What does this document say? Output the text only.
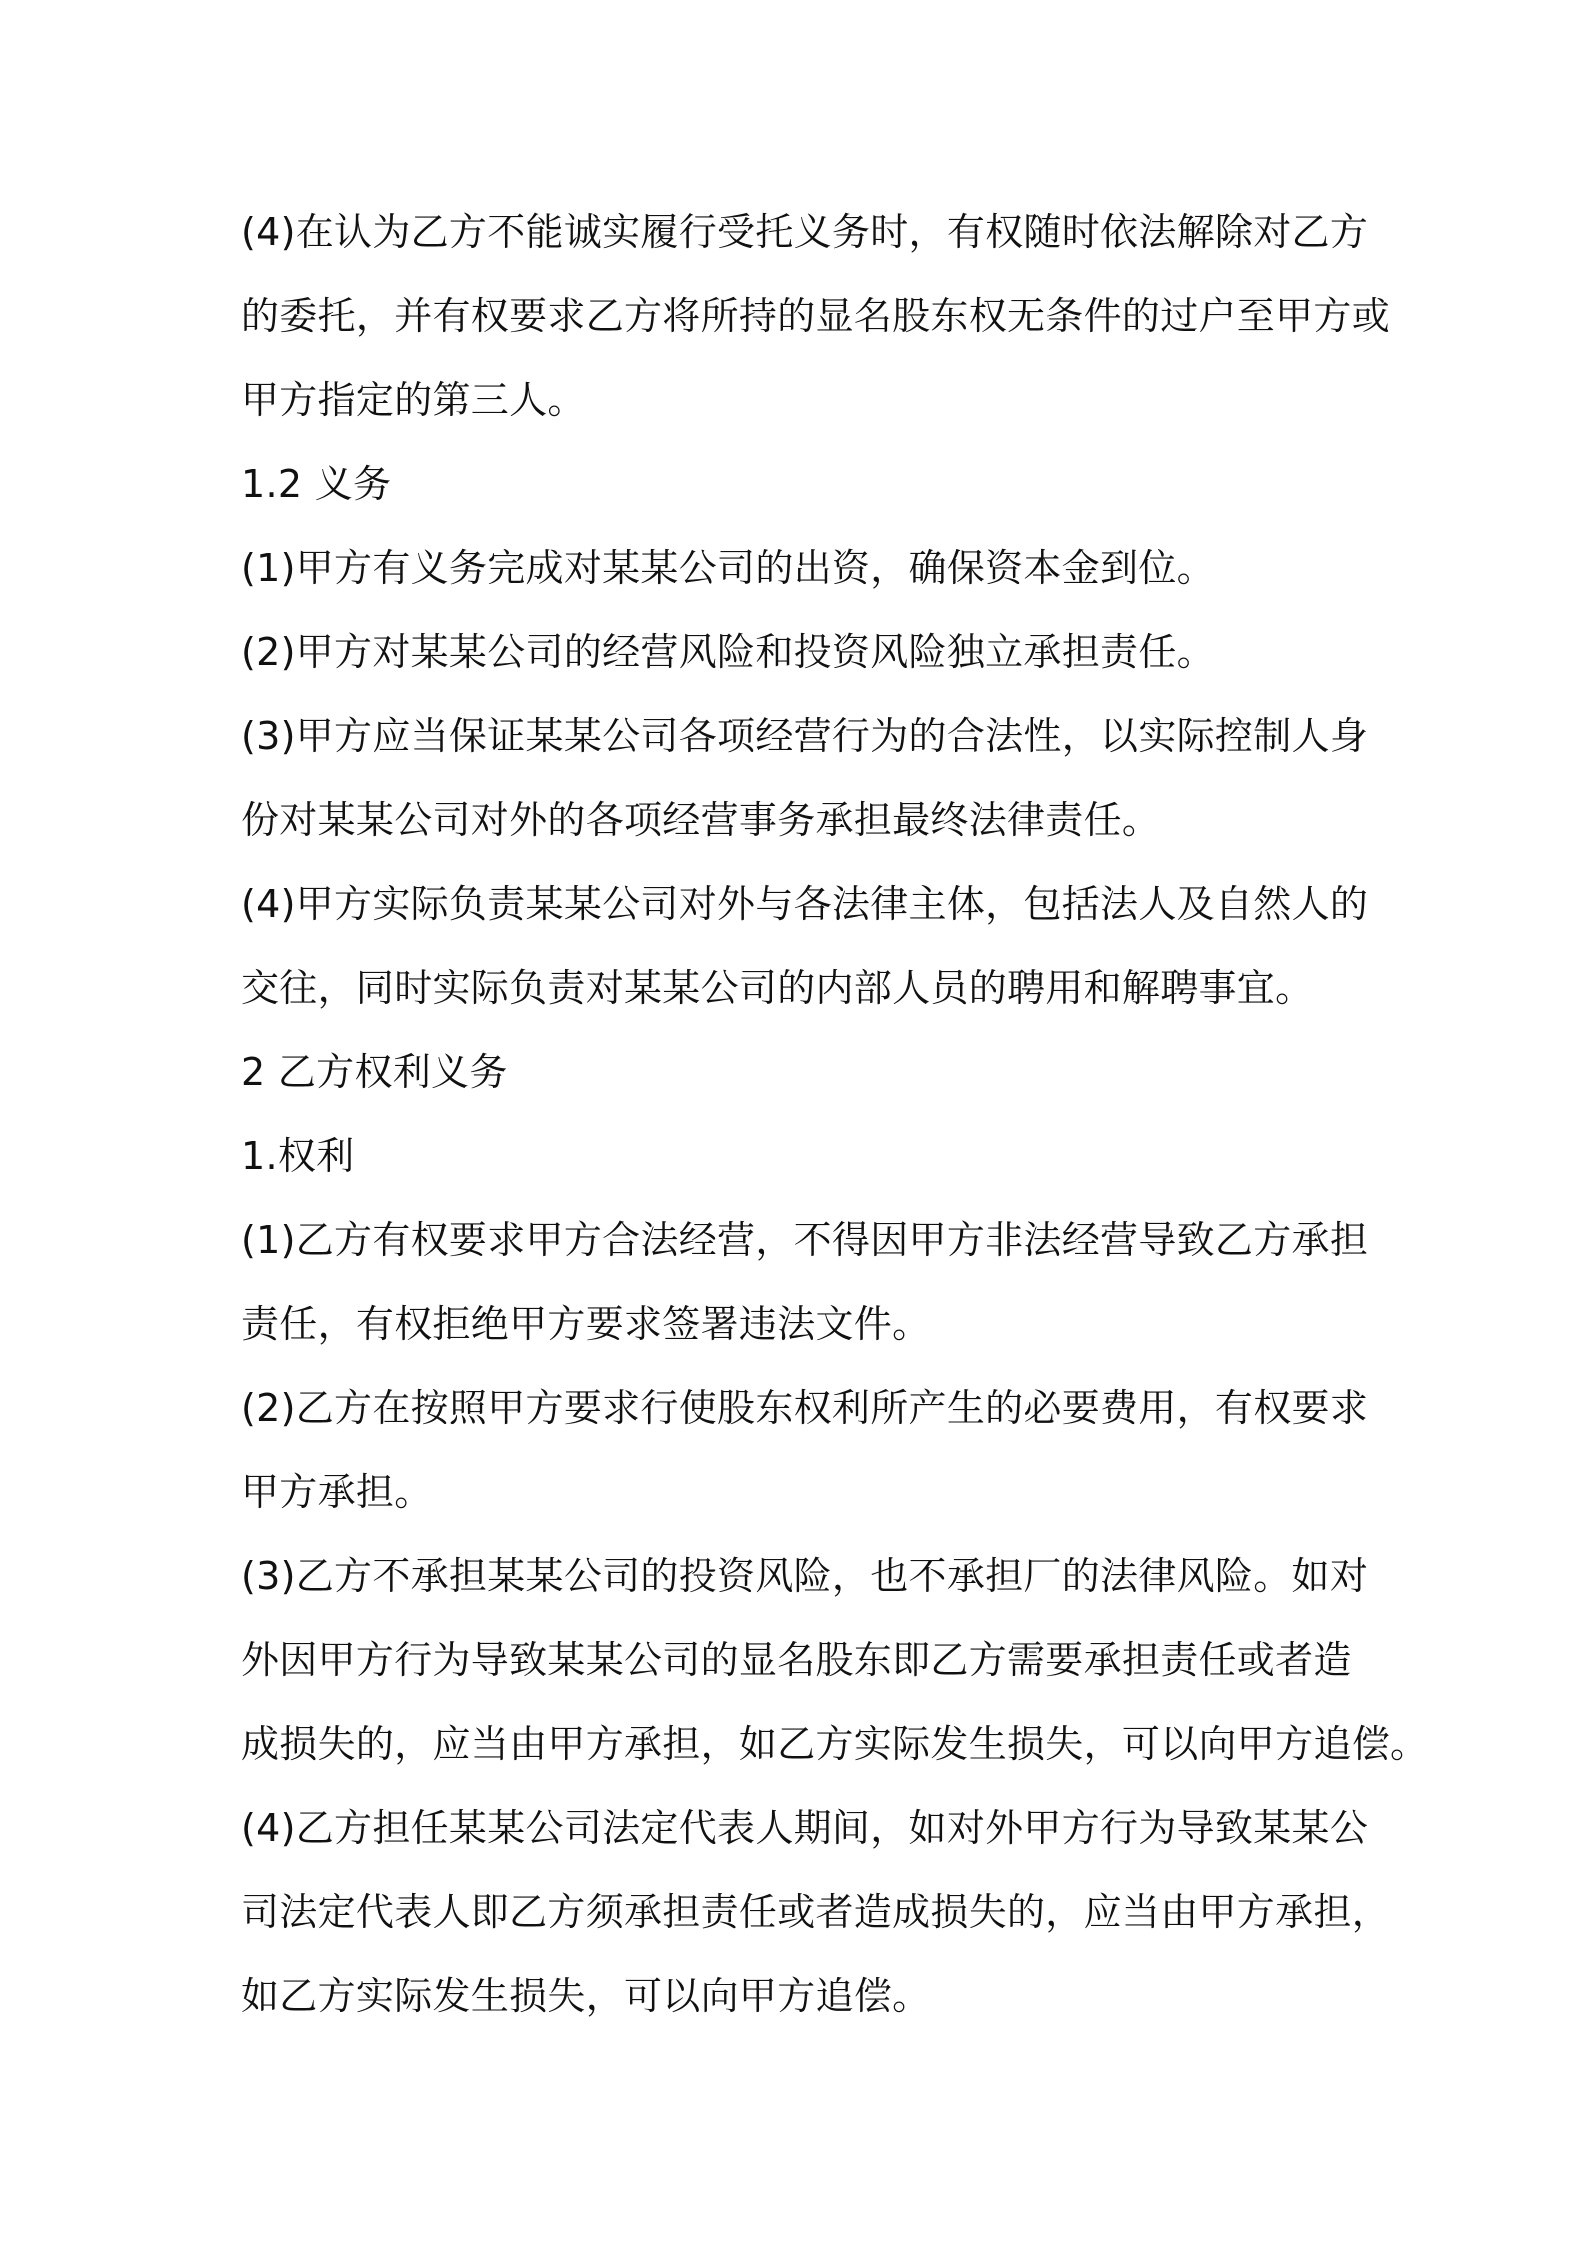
(4)在认为乙方不能诚实履行受托义务时，有权随时依法解除对乙方
的委托，并有权要求乙方将所持的显名股东权无条件的过户至甲方或
甲方指定的第三人。
1.2 义务
(1)甲方有义务完成对某某公司的出资，确保资本金到位。
(2)甲方对某某公司的经营风险和投资风险独立承担责任。
(3)甲方应当保证某某公司各项经营行为的合法性，以实际控制人身
份对某某公司对外的各项经营事务承担最终法律责任。
(4)甲方实际负责某某公司对外与各法律主体，包括法人及自然人的
交往，同时实际负责对某某公司的内部人员的聘用和解聘事宜。
2 乙方权利义务
1.权利
(1)乙方有权要求甲方合法经营，不得因甲方非法经营导致乙方承担
责任，有权拒绝甲方要求签署违法文件。
(2)乙方在按照甲方要求行使股东权利所产生的必要费用，有权要求
甲方承担。
(3)乙方不承担某某公司的投资风险，也不承担厂的法律风险。如对
外因甲方行为导致某某公司的显名股东即乙方需要承担责任或者造
成损失的，应当由甲方承担，如乙方实际发生损失，可以向甲方追偿。
(4)乙方担任某某公司法定代表人期间，如对外甲方行为导致某某公
司法定代表人即乙方须承担责任或者造成损失的，应当由甲方承担，
如乙方实际发生损失，可以向甲方追偿。
